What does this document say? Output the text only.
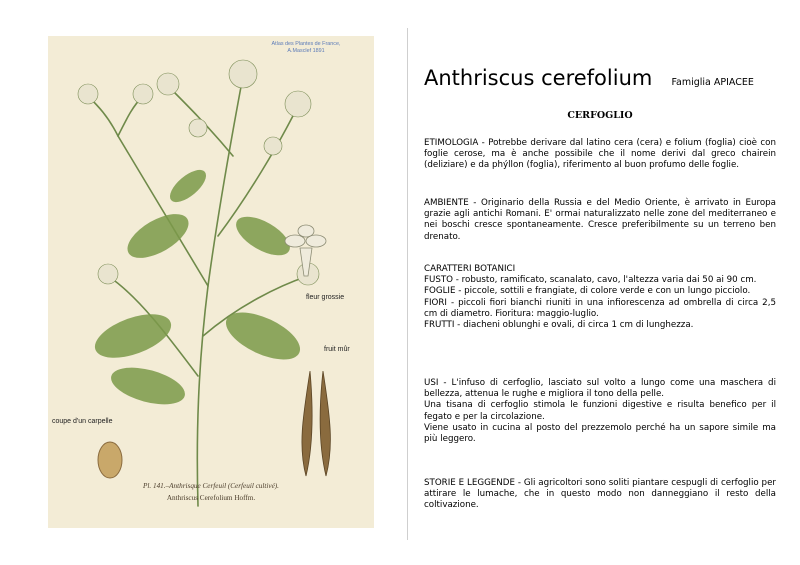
Atlas des Plantes de France,
A.Masclef 1891
fleur grossie
fruit mûr
coupe d'un carpelle
Pl. 141.–Anthrisque Cerfeuil (Cerfeuil cultivé).
Anthriscus Cerefolium Hoffm.
Anthriscus cerefolium Famiglia APIACEE
CERFOGLIO

ETIMOLOGIA - Potrebbe derivare dal latino cera (cera) e folium (foglia) cioè con foglie cerose, ma è anche possibile che il nome derivi dal greco chairein (deliziare) e da phýllon (foglia), riferimento al buon profumo delle foglie.

AMBIENTE - Originario della Russia e del Medio Oriente, è arrivato in Europa grazie agli antichi Romani. E' ormai naturalizzato nelle zone del mediterraneo e nei boschi cresce spontaneamente. Cresce preferibilmente su un terreno ben drenato.

CARATTERI BOTANICI

FUSTO - robusto, ramificato, scanalato, cavo, l'altezza varia dai 50 ai 90 cm.

FOGLIE - piccole, sottili e frangiate, di colore verde e con un lungo picciolo.

FIORI - piccoli fiori bianchi riuniti in una infiorescenza ad ombrella di circa 2,5 cm di diametro. Fioritura: maggio-luglio.

FRUTTI - diacheni oblunghi e ovali, di circa 1 cm di lunghezza.

USI - L'infuso di cerfoglio, lasciato sul volto a lungo come una maschera di bellezza, attenua le rughe e migliora il tono della pelle.

Una tisana di cerfoglio stimola le funzioni digestive e risulta benefico per il fegato e per la circolazione.

Viene usato in cucina al posto del prezzemolo perché ha un sapore simile ma più leggero.

STORIE E LEGGENDE - Gli agricoltori sono soliti piantare cespugli di cerfoglio per attirare le lumache, che in questo modo non danneggiano il resto della coltivazione.
